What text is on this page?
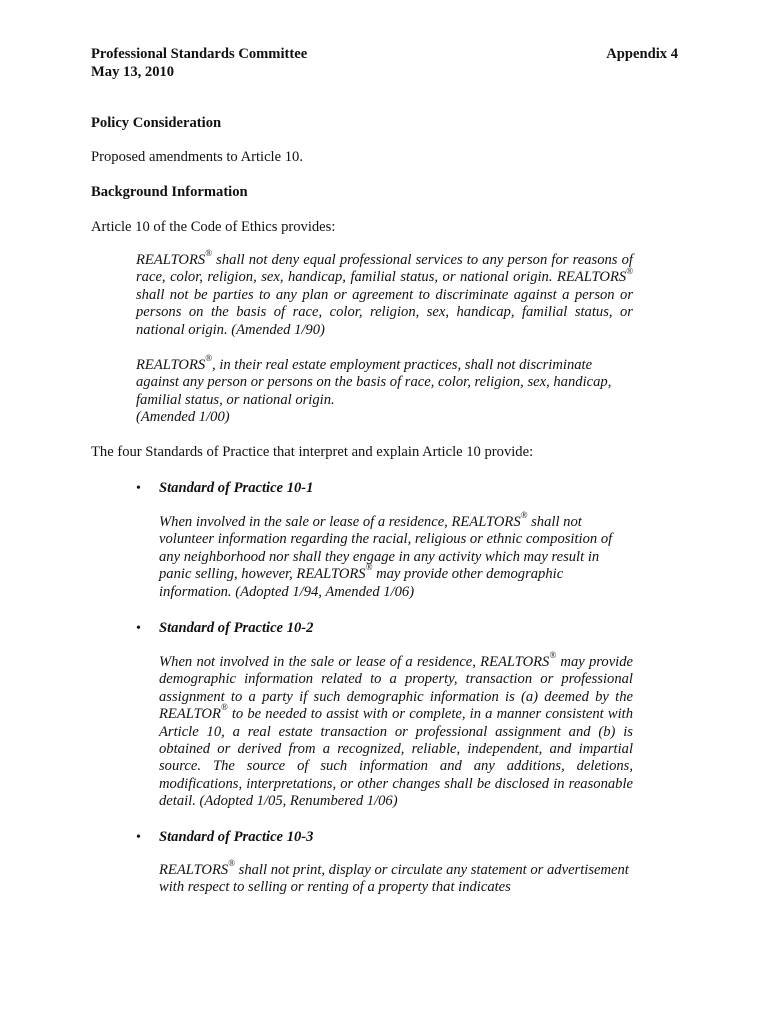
Professional Standards Committee
May 13, 2010
Appendix 4
Policy Consideration
Proposed amendments to Article 10.
Background Information
Article 10 of the Code of Ethics provides:

REALTORS® shall not deny equal professional services to any person for reasons of race, color, religion, sex, handicap, familial status, or national origin. REALTORS® shall not be parties to any plan or agreement to discriminate against a person or persons on the basis of race, color, religion, sex, handicap, familial status, or national origin. (Amended 1/90)

REALTORS®, in their real estate employment practices, shall not discriminate against any person or persons on the basis of race, color, religion, sex, handicap, familial status, or national origin.
(Amended 1/00)

The four Standards of Practice that interpret and explain Article 10 provide:
• Standard of Practice 10-1

When involved in the sale or lease of a residence, REALTORS® shall not volunteer information regarding the racial, religious or ethnic composition of any neighborhood nor shall they engage in any activity which may result in panic selling, however, REALTORS® may provide other demographic information. (Adopted 1/94, Amended 1/06)

• Standard of Practice 10-2

When not involved in the sale or lease of a residence, REALTORS® may provide demographic information related to a property, transaction or professional assignment to a party if such demographic information is (a) deemed by the REALTOR® to be needed to assist with or complete, in a manner consistent with Article 10, a real estate transaction or professional assignment and (b) is obtained or derived from a recognized, reliable, independent, and impartial source. The source of such information and any additions, deletions, modifications, interpretations, or other changes shall be disclosed in reasonable detail. (Adopted 1/05, Renumbered 1/06)

• Standard of Practice 10-3

REALTORS® shall not print, display or circulate any statement or advertisement with respect to selling or renting of a property that indicates
